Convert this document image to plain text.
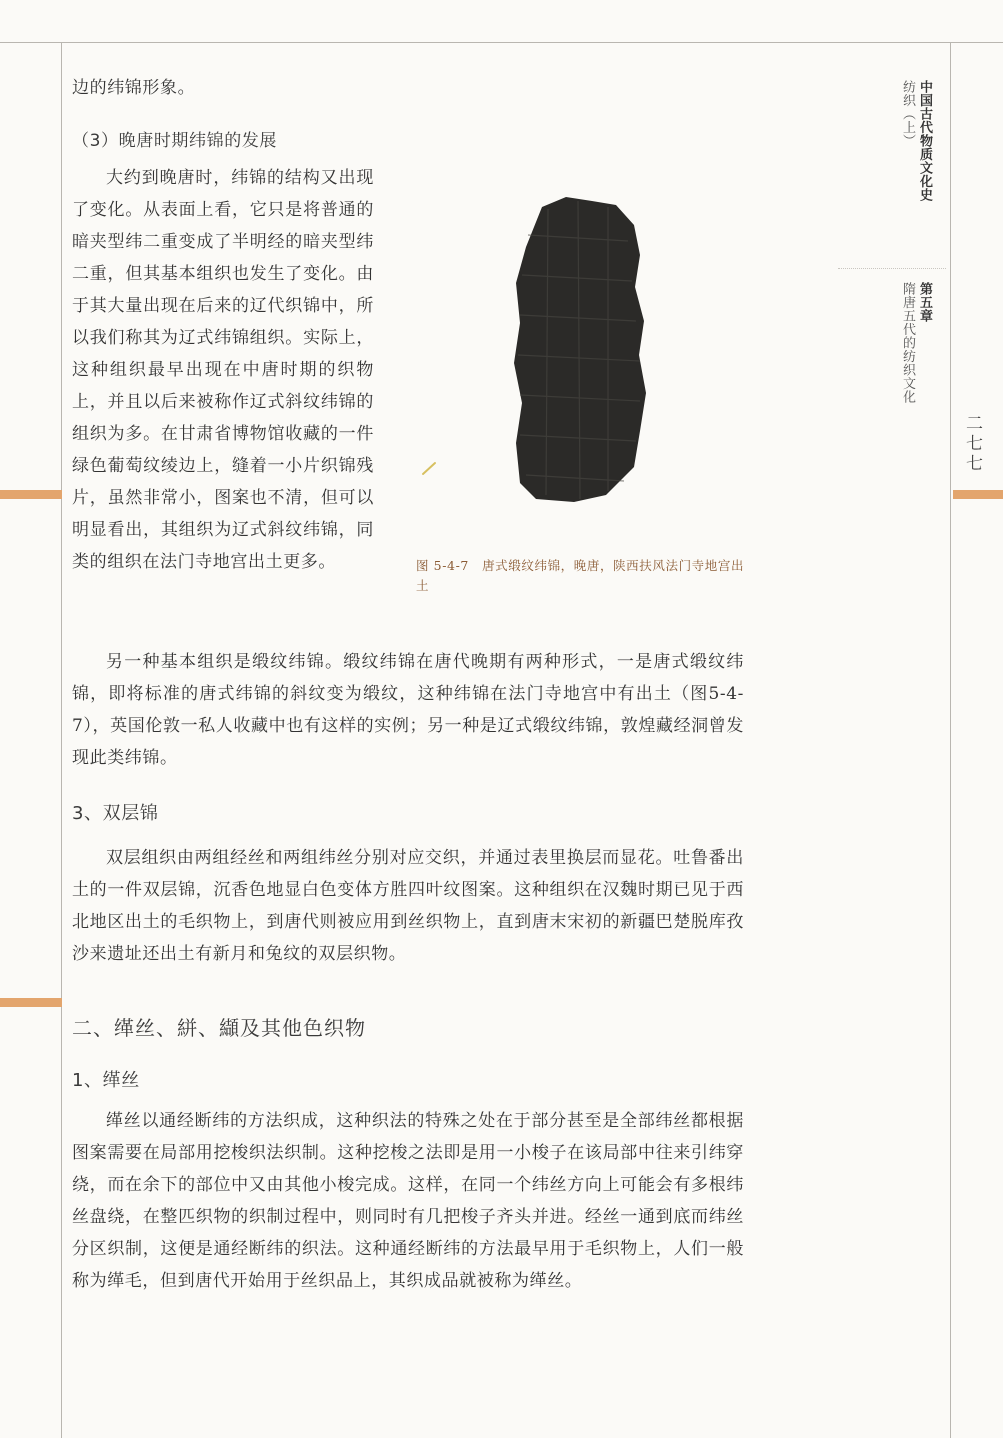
中国古代物质文化史
纺织（上）
第五章
隋唐五代的纺织文化
二七七

边的纬锦形象。

（3）晚唐时期纬锦的发展

大约到晚唐时，纬锦的结构又出现了变化。从表面上看，它只是将普通的暗夹型纬二重变成了半明经的暗夹型纬二重，但其基本组织也发生了变化。由于其大量出现在后来的辽代织锦中，所以我们称其为辽式纬锦组织。实际上，这种组织最早出现在中唐时期的织物上，并且以后来被称作辽式斜纹纬锦的组织为多。在甘肃省博物馆收藏的一件绿色葡萄纹绫边上，缝着一小片织锦残片，虽然非常小，图案也不清，但可以明显看出，其组织为辽式斜纹纬锦，同类的组织在法门寺地宫出土更多。

另一种基本组织是缎纹纬锦。缎纹纬锦在唐代晚期有两种形式，一是唐式缎纹纬锦，即将标准的唐式纬锦的斜纹变为缎纹，这种纬锦在法门寺地宫中有出土（图5-4-7），英国伦敦一私人收藏中也有这样的实例；另一种是辽式缎纹纬锦，敦煌藏经洞曾发现此类纬锦。

3、双层锦

双层组织由两组经丝和两组纬丝分别对应交织，并通过表里换层而显花。吐鲁番出土的一件双层锦，沉香色地显白色变体方胜四叶纹图案。这种组织在汉魏时期已见于西北地区出土的毛织物上，到唐代则被应用到丝织物上，直到唐末宋初的新疆巴楚脱库孜沙来遗址还出土有新月和兔纹的双层织物。

二、缂丝、絣、纈及其他色织物
1、缂丝

缂丝以通经断纬的方法织成，这种织法的特殊之处在于部分甚至是全部纬丝都根据图案需要在局部用挖梭织法织制。这种挖梭之法即是用一小梭子在该局部中往来引纬穿绕，而在余下的部位中又由其他小梭完成。这样，在同一个纬丝方向上可能会有多根纬丝盘绕，在整匹织物的织制过程中，则同时有几把梭子齐头并进。经丝一通到底而纬丝分区织制，这便是通经断纬的织法。这种通经断纬的方法最早用于毛织物上，人们一般称为缂毛，但到唐代开始用于丝织品上，其织成品就被称为缂丝。

图 5-4-7　唐式缎纹纬锦，晚唐，陕西扶风法门寺地宫出土
